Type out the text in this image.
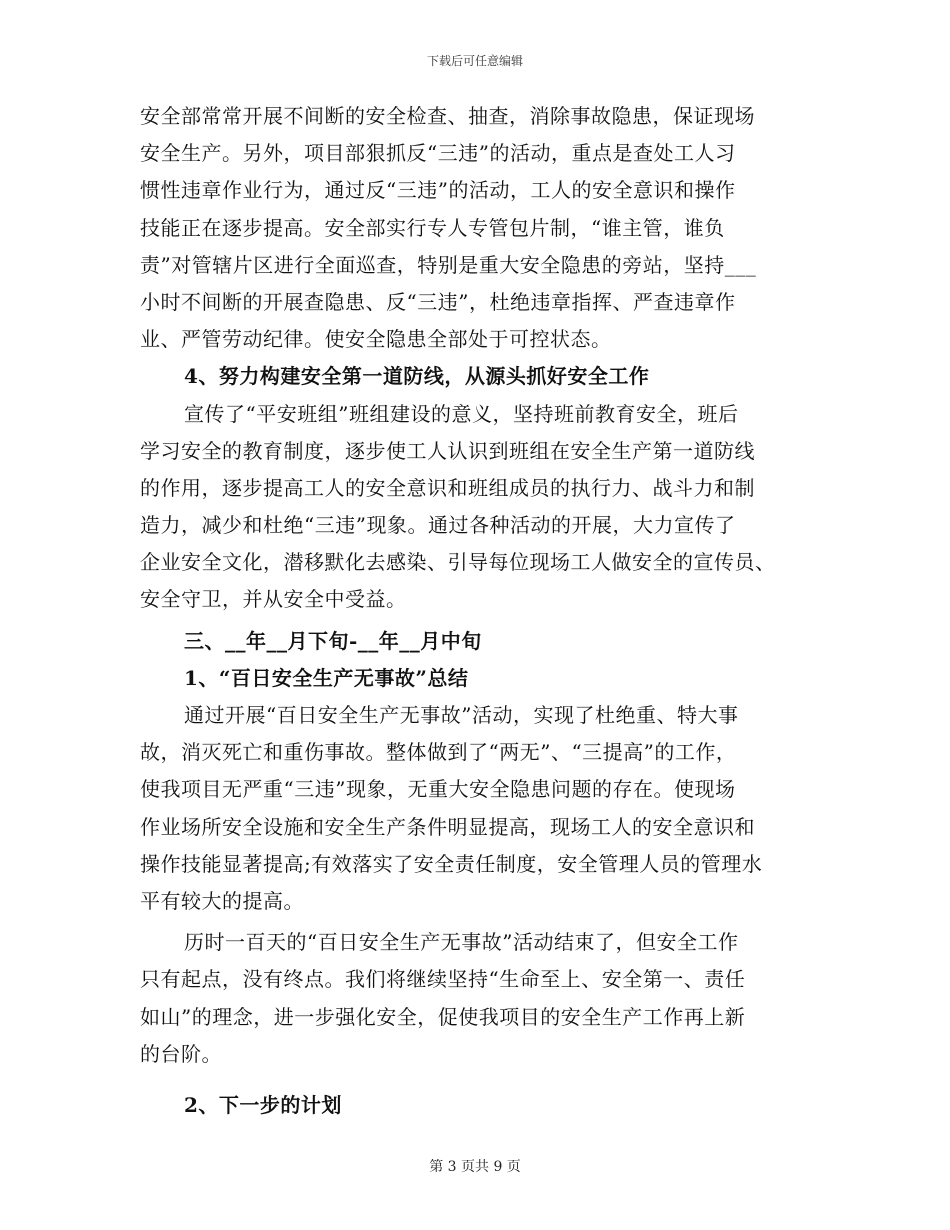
下载后可任意编辑
安全部常常开展不间断的安全检查、抽查，消除事故隐患，保证现场
安全生产。另外，项目部狠抓反“三违”的活动，重点是查处工人习
惯性违章作业行为，通过反“三违”的活动，工人的安全意识和操作
技能正在逐步提高。安全部实行专人专管包片制，“谁主管，谁负
责”对管辖片区进行全面巡查，特别是重大安全隐患的旁站，坚持___
小时不间断的开展查隐患、反“三违”，杜绝违章指挥、严查违章作
业、严管劳动纪律。使安全隐患全部处于可控状态。
4、努力构建安全第一道防线，从源头抓好安全工作
宣传了“平安班组”班组建设的意义，坚持班前教育安全，班后
学习安全的教育制度，逐步使工人认识到班组在安全生产第一道防线
的作用，逐步提高工人的安全意识和班组成员的执行力、战斗力和制
造力，减少和杜绝“三违”现象。通过各种活动的开展，大力宣传了
企业安全文化，潜移默化去感染、引导每位现场工人做安全的宣传员、
安全守卫，并从安全中受益。
三、__年__月下旬-__年__月中旬
1、“百日安全生产无事故”总结
通过开展“百日安全生产无事故”活动，实现了杜绝重、特大事
故，消灭死亡和重伤事故。整体做到了“两无”、“三提高”的工作，
使我项目无严重“三违”现象，无重大安全隐患问题的存在。使现场
作业场所安全设施和安全生产条件明显提高，现场工人的安全意识和
操作技能显著提高;有效落实了安全责任制度，安全管理人员的管理水
平有较大的提高。
历时一百天的“百日安全生产无事故”活动结束了，但安全工作
只有起点，没有终点。我们将继续坚持“生命至上、安全第一、责任
如山”的理念，进一步强化安全，促使我项目的安全生产工作再上新
的台阶。
2、下一步的计划
第 3 页共 9 页
